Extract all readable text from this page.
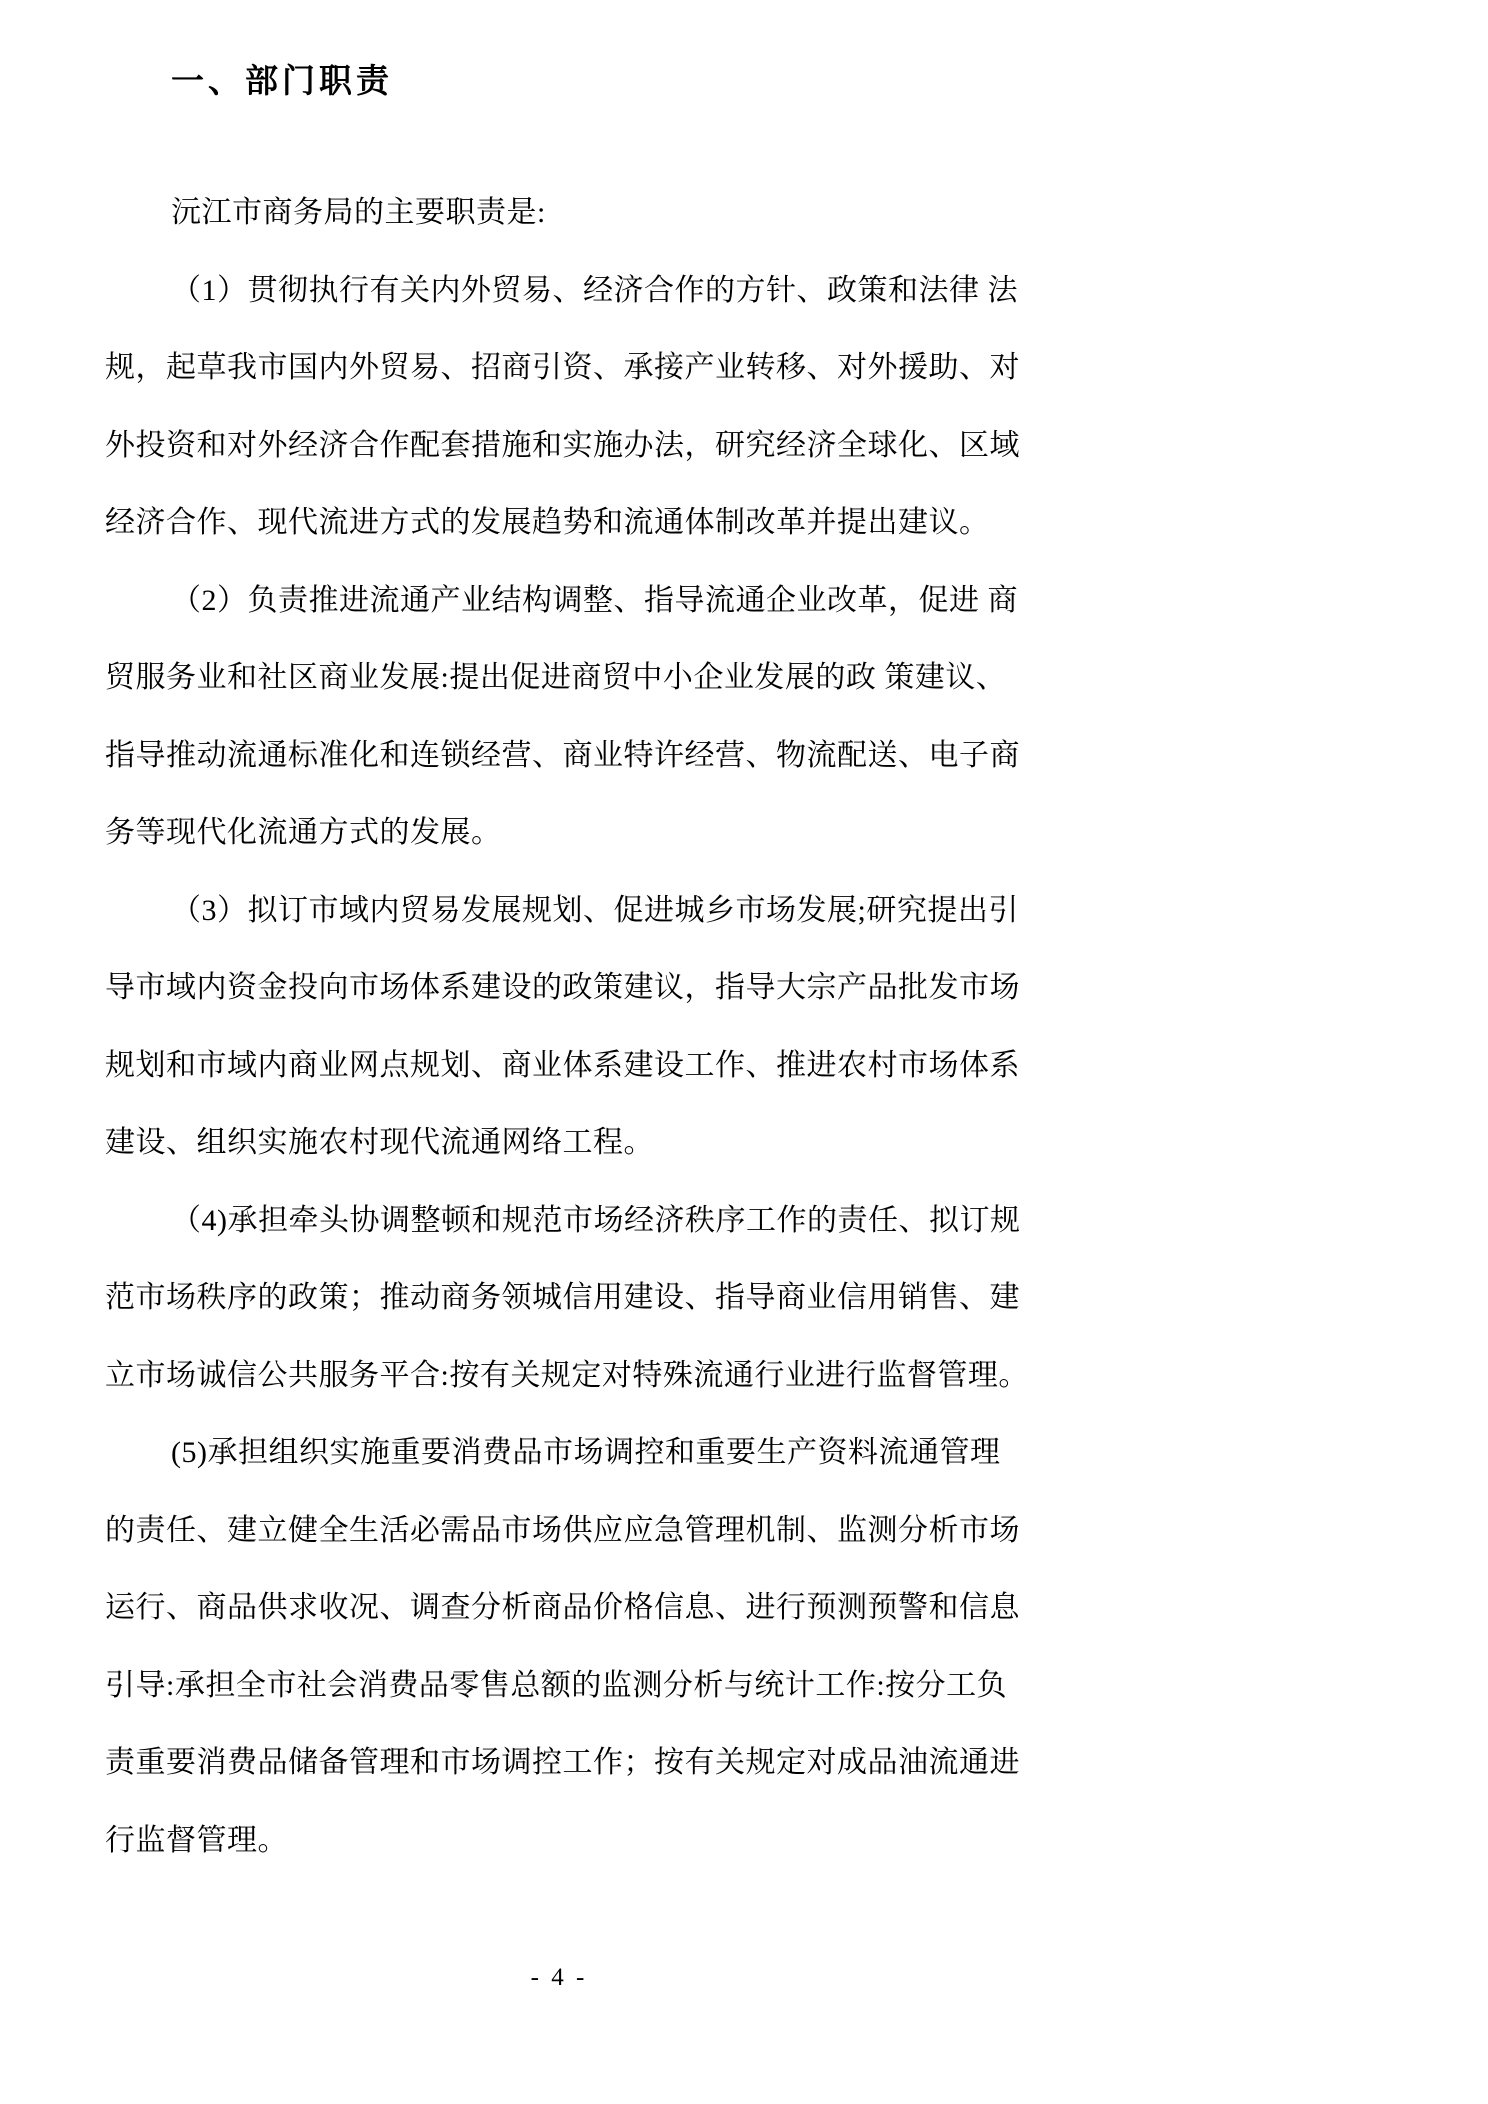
一、部门职责
沅江市商务局的主要职责是:
（1）贯彻执行有关内外贸易、经济合作的方针、政策和法律 法
规，起草我市国内外贸易、招商引资、承接产业转移、对外援助、对
外投资和对外经济合作配套措施和实施办法，研究经济全球化、区域
经济合作、现代流进方式的发展趋势和流通体制改革并提出建议。
（2）负责推进流通产业结构调整、指导流通企业改革，促进 商
贸服务业和社区商业发展:提出促进商贸中小企业发展的政 策建议、
指导推动流通标准化和连锁经营、商业特许经营、物流配送、电子商
务等现代化流通方式的发展。
（3）拟订市域内贸易发展规划、促进城乡市场发展;研究提出引
导市域内资金投向市场体系建设的政策建议，指导大宗产品批发市场
规划和市域内商业网点规划、商业体系建设工作、推进农村市场体系
建设、组织实施农村现代流通网络工程。
（4)承担牵头协调整顿和规范市场经济秩序工作的责任、拟订规
范市场秩序的政策；推动商务领城信用建设、指导商业信用销售、建
立市场诚信公共服务平合:按有关规定对特殊流通行业进行监督管理。
(5)承担组织实施重要消费品市场调控和重要生产资料流通管理
的责任、建立健全生活必需品市场供应应急管理机制、监测分析市场
运行、商品供求收况、调查分析商品价格信息、进行预测预警和信息
引导:承担全市社会消费品零售总额的监测分析与统计工作:按分工负
责重要消费品储备管理和市场调控工作；按有关规定对成品油流通进
行监督管理。
- 4 -
